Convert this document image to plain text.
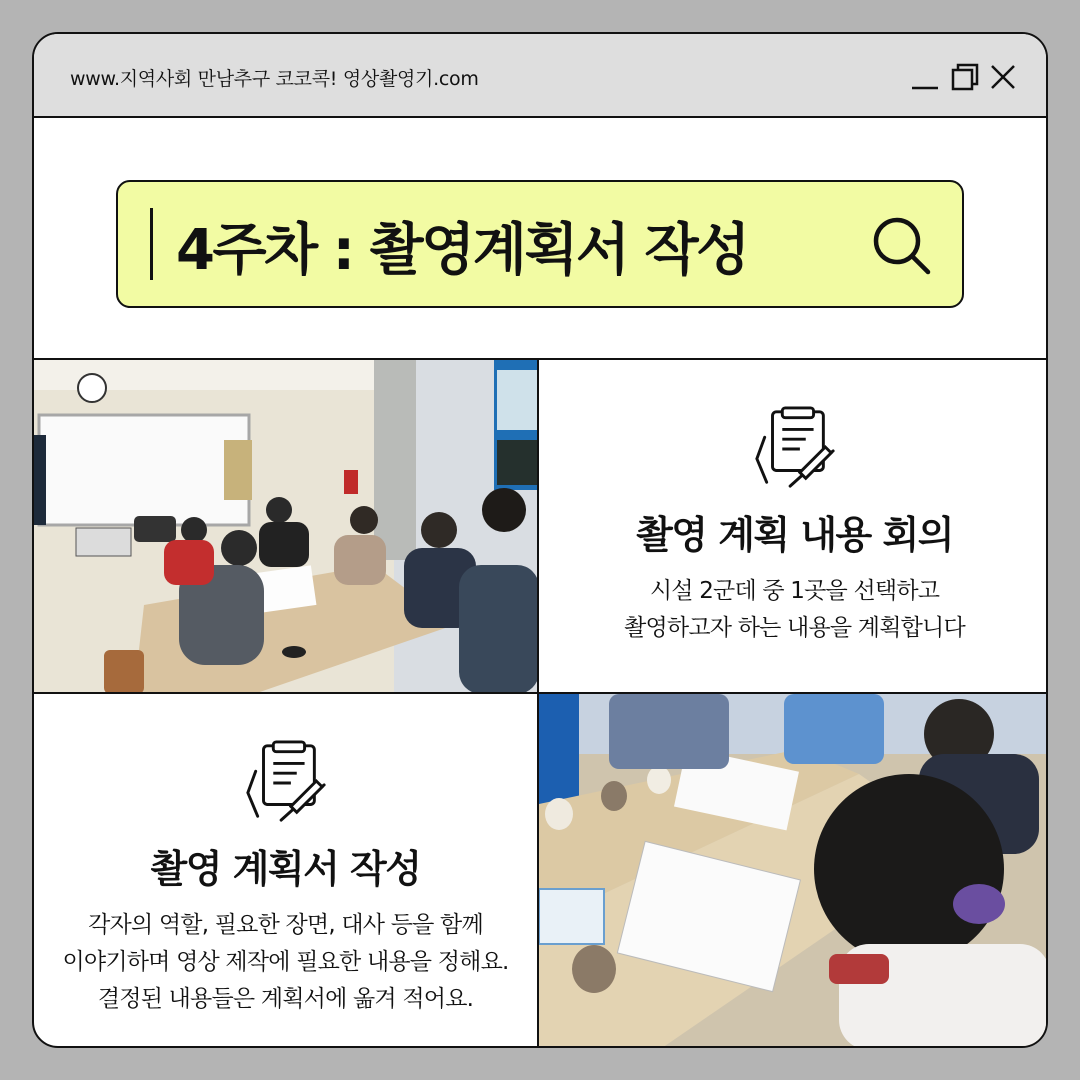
www.지역사회 만남추구 코코콕! 영상촬영기.com
4주차 : 촬영계획서 작성
촬영 계획 내용 회의
시설 2군데 중 1곳을 선택하고
촬영하고자 하는 내용을 계획합니다
촬영 계획서 작성
각자의 역할, 필요한 장면, 대사 등을 함께
이야기하며 영상 제작에 필요한 내용을 정해요.
결정된 내용들은 계획서에 옮겨 적어요.
